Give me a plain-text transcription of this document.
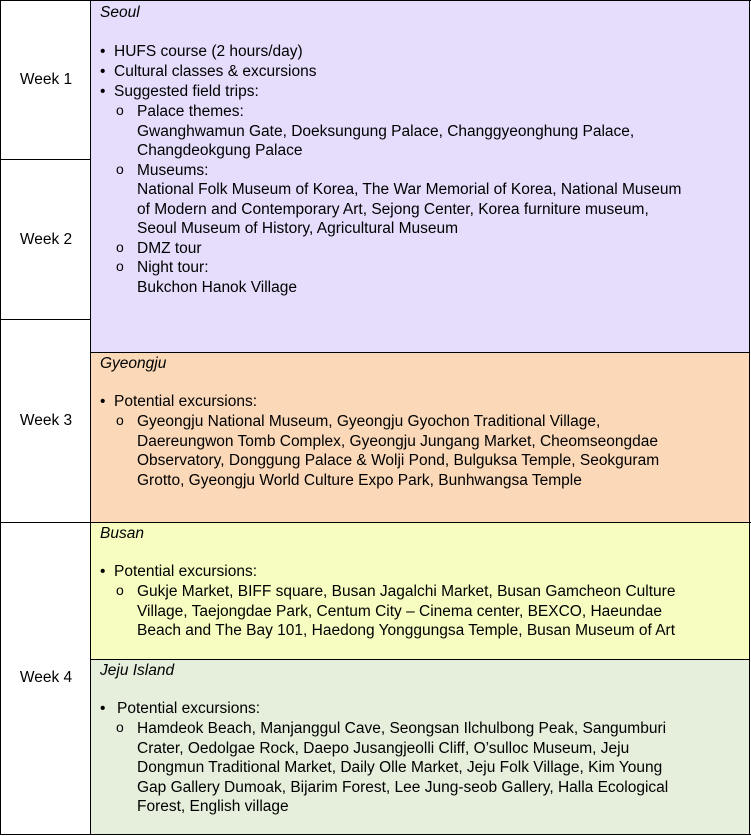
Seoul
• HUFS course (2 hours/day)
• Cultural classes & excursions
• Suggested field trips:
o Palace themes:
Gwanghwamun Gate, Doeksungung Palace, Changgyeonghung Palace,
Changdeokgung Palace
o Museums:
National Folk Museum of Korea, The War Memorial of Korea, National Museum
of Modern and Contemporary Art, Sejong Center, Korea furniture museum,
Seoul Museum of History, Agricultural Museum
o DMZ tour
o Night tour:
Bukchon Hanok Village
Gyeongju
• Potential excursions:
o Gyeongju National Museum, Gyeongju Gyochon Traditional Village,
Daereungwon Tomb Complex, Gyeongju Jungang Market, Cheomseongdae
Observatory, Donggung Palace & Wolji Pond, Bulguksa Temple, Seokguram
Grotto, Gyeongju World Culture Expo Park, Bunhwangsa Temple
Busan
• Potential excursions:
o Gukje Market, BIFF square, Busan Jagalchi Market, Busan Gamcheon Culture
Village, Taejongdae Park, Centum City – Cinema center, BEXCO, Haeundae
Beach and The Bay 101, Haedong Yonggungsa Temple, Busan Museum of Art
Jeju Island
• Potential excursions:
o Hamdeok Beach, Manjanggul Cave, Seongsan Ilchulbong Peak, Sangumburi
Crater, Oedolgae Rock, Daepo Jusangjeolli Cliff, O’sulloc Museum, Jeju
Dongmun Traditional Market, Daily Olle Market, Jeju Folk Village, Kim Young
Gap Gallery Dumoak, Bijarim Forest, Lee Jung-seob Gallery, Halla Ecological
Forest, English village
Week 1
Week 2
Week 3
Week 4
